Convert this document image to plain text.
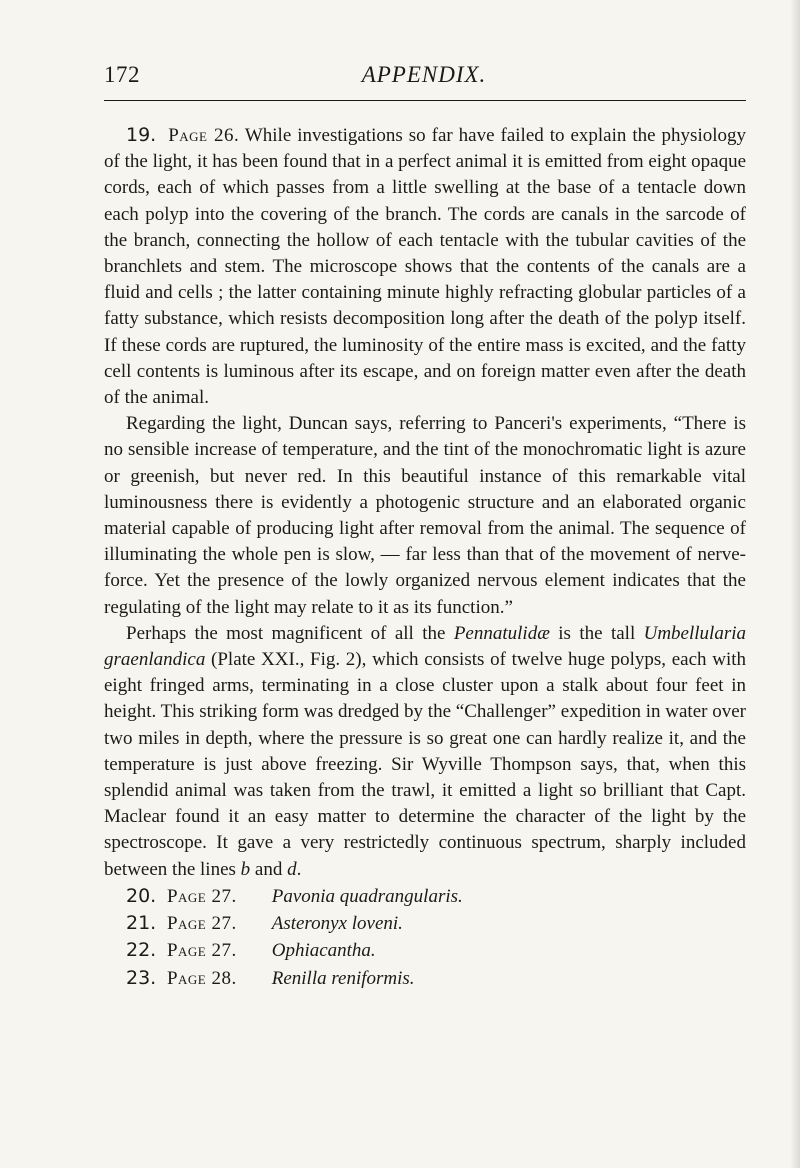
172	APPENDIX.

19. Page 26. While investigations so far have failed to explain the physiology of the light, it has been found that in a perfect animal it is emitted from eight opaque cords, each of which passes from a little swelling at the base of a tentacle down each polyp into the covering of the branch. The cords are canals in the sarcode of the branch, connecting the hollow of each tentacle with the tubular cavities of the branchlets and stem. The microscope shows that the contents of the canals are a fluid and cells ; the latter containing minute highly refracting globular particles of a fatty substance, which resists decomposition long after the death of the polyp itself. If these cords are ruptured, the luminosity of the entire mass is excited, and the fatty cell contents is luminous after its escape, and on foreign matter even after the death of the animal.

Regarding the light, Duncan says, referring to Panceri's experiments, “There is no sensible increase of temperature, and the tint of the monochromatic light is azure or greenish, but never red. In this beautiful instance of this remarkable vital luminousness there is evidently a photogenic structure and an elaborated organic material capable of producing light after removal from the animal. The sequence of illuminating the whole pen is slow, — far less than that of the movement of nerve-force. Yet the presence of the lowly organized nervous element indicates that the regulating of the light may relate to it as its function.”

Perhaps the most magnificent of all the Pennatulidæ is the tall Umbellularia graenlandica (Plate XXI., Fig. 2), which consists of twelve huge polyps, each with eight fringed arms, terminating in a close cluster upon a stalk about four feet in height. This striking form was dredged by the “Challenger” expedition in water over two miles in depth, where the pressure is so great one can hardly realize it, and the temperature is just above freezing. Sir Wyville Thompson says, that, when this splendid animal was taken from the trawl, it emitted a light so brilliant that Capt. Maclear found it an easy matter to determine the character of the light by the spectroscope. It gave a very restrictedly continuous spectrum, sharply included between the lines b and d.

20. Page 27. Pavonia quadrangularis.

21. Page 27. Asteronyx loveni.

22. Page 27. Ophiacantha.

23. Page 28. Renilla reniformis.
